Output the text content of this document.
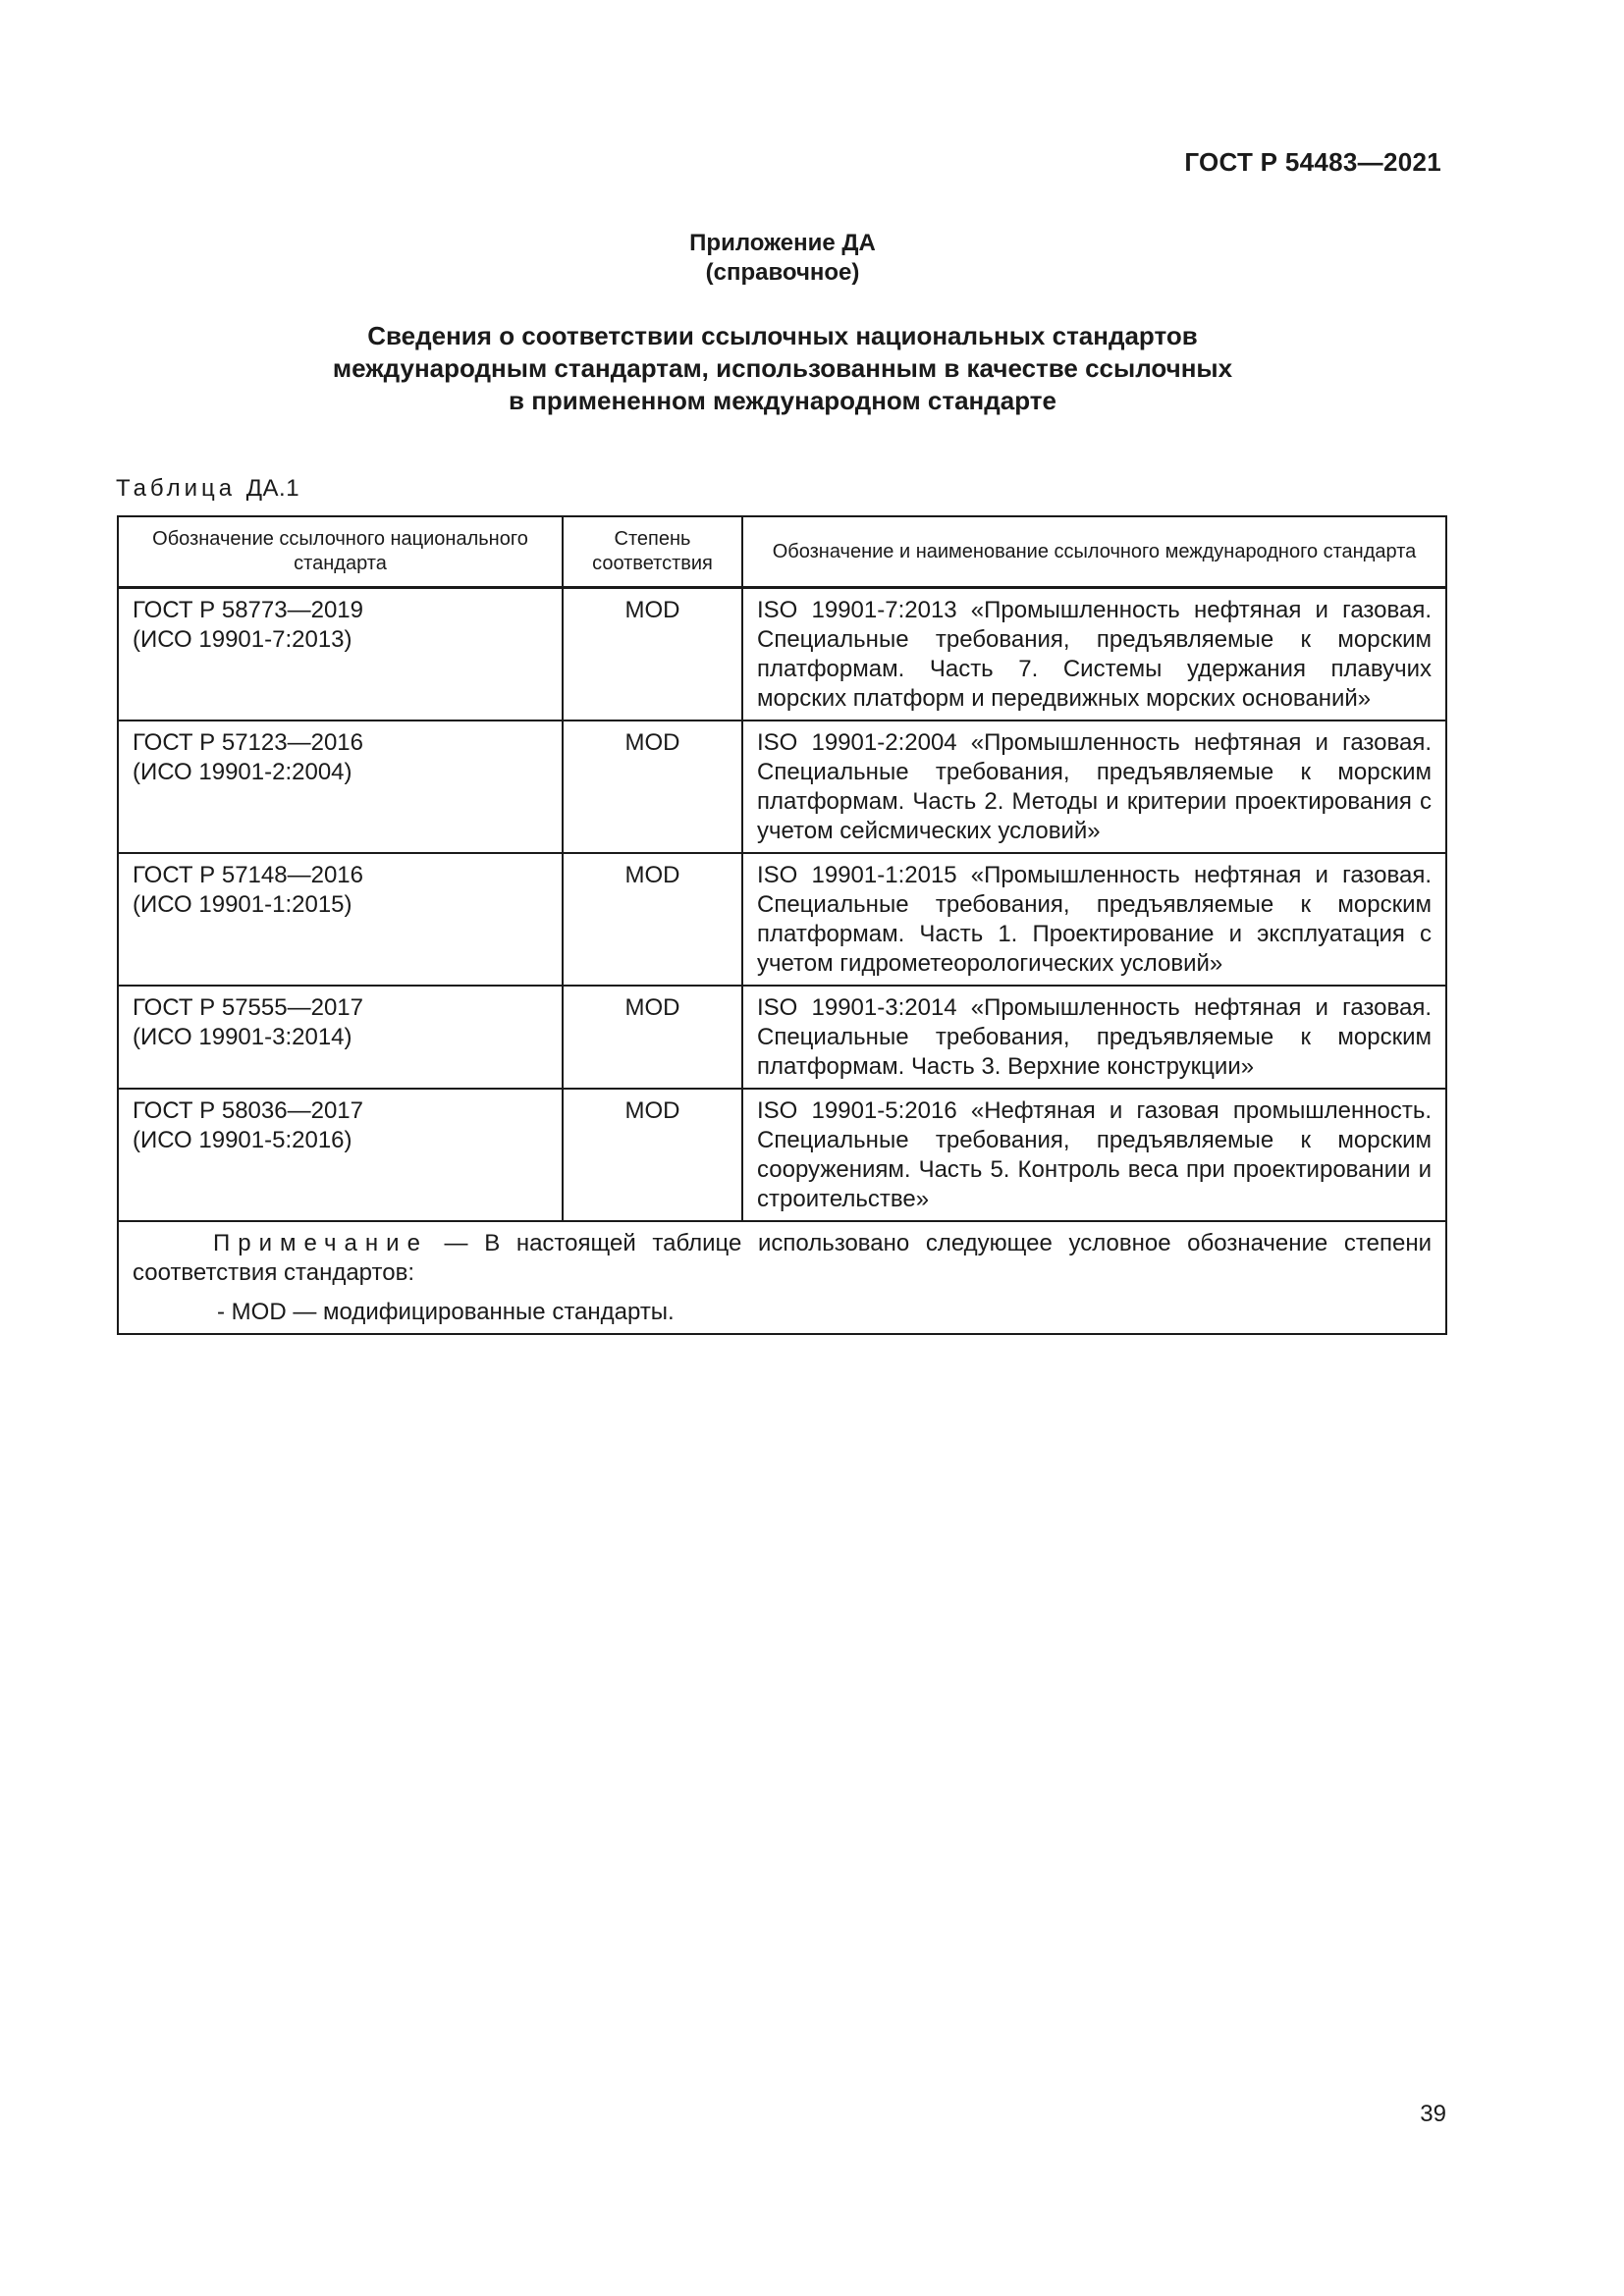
ГОСТ Р 54483—2021
Приложение ДА
(справочное)
Сведения о соответствии ссылочных национальных стандартов
международным стандартам, использованным в качестве ссылочных
в примененном международном стандарте
Таблица ДА.1
Обозначение ссылочного национального стандарта	Степень соответствия	Обозначение и наименование ссылочного международного стандарта

ГОСТ Р 58773—2019
(ИСО 19901-7:2013)	MOD	ISO 19901-7:2013 «Промышленность нефтяная и газовая. Специальные требования, предъявляемые к морским платформам. Часть 7. Системы удержания плавучих морских платформ и передвижных морских оснований»

ГОСТ Р 57123—2016
(ИСО 19901-2:2004)	MOD	ISO 19901-2:2004 «Промышленность нефтяная и газовая. Специальные требования, предъявляемые к морским платформам. Часть 2. Методы и критерии проектирования с учетом сейсмических условий»

ГОСТ Р 57148—2016
(ИСО 19901-1:2015)	MOD	ISO 19901-1:2015 «Промышленность нефтяная и газовая. Специальные требования, предъявляемые к морским платформам. Часть 1. Проектирование и эксплуатация с учетом гидрометеорологических условий»

ГОСТ Р 57555—2017
(ИСО 19901-3:2014)	MOD	ISO 19901-3:2014 «Промышленность нефтяная и газовая. Специальные требования, предъявляемые к морским платформам. Часть 3. Верхние конструкции»

ГОСТ Р 58036—2017
(ИСО 19901-5:2016)	MOD	ISO 19901-5:2016 «Нефтяная и газовая промышленность. Специальные требования, предъявляемые к морским сооружениям. Часть 5. Контроль веса при проектировании и строительстве»

Примечание — В настоящей таблице использовано следующее условное обозначение степени соответствия стандартов:
- MOD — модифицированные стандарты.		
39
